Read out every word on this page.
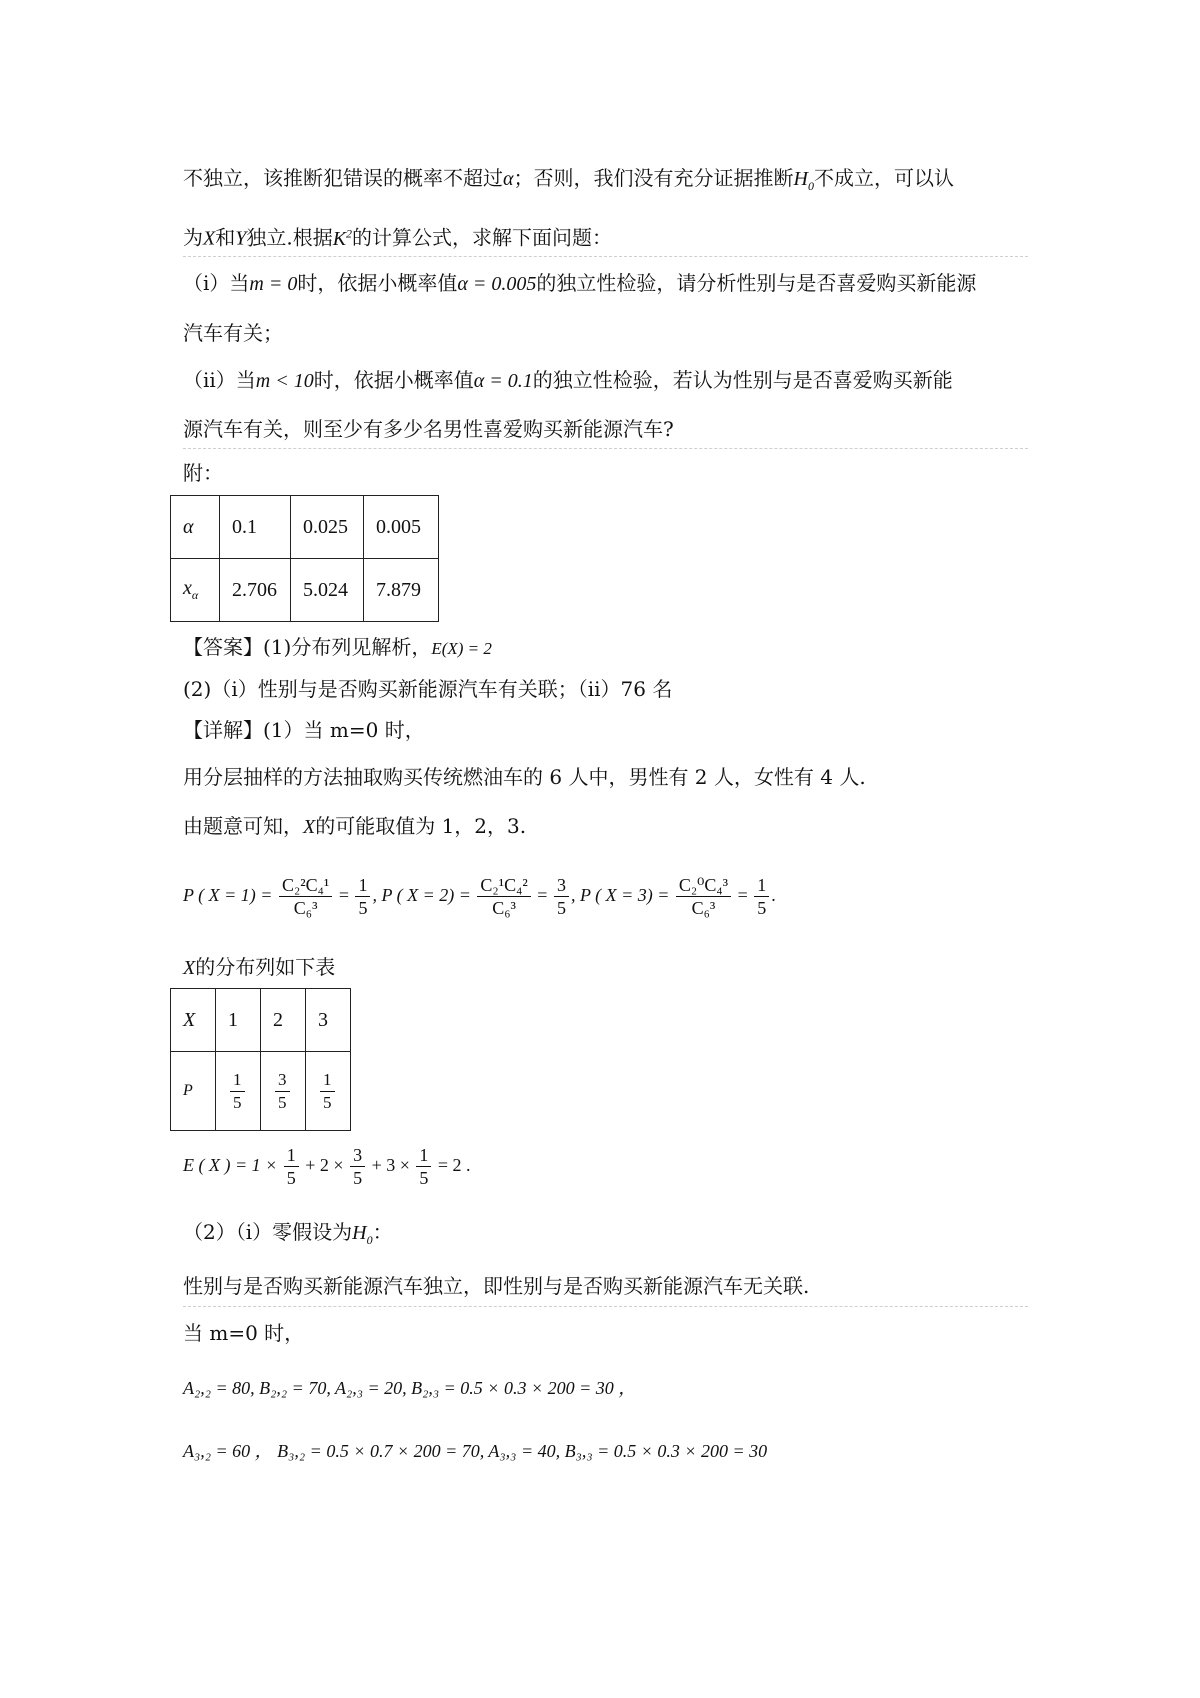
不独立，该推断犯错误的概率不超过α；否则，我们没有充分证据推断$H_0$不成立，可以认
为X和Y独立.根据$K^2$的计算公式，求解下面问题：
（i）当m = 0时，依据小概率值α = 0.005的独立性检验，请分析性别与是否喜爱购买新能源
汽车有关；
（ii）当m < 10时，依据小概率值α = 0.1的独立性检验，若认为性别与是否喜爱购买新能
源汽车有关，则至少有多少名男性喜爱购买新能源汽车?
附：
α	0.1	0.025	0.005
$x_\alpha$	2.706	5.024	7.879
【答案】(1)分布列见解析，E(X) = 2
(2)（i）性别与是否购买新能源汽车有关联；（ii）76 名
【详解】(1）当 m=0 时，
用分层抽样的方法抽取购买传统燃油车的 6 人中，男性有 2 人，女性有 4 人.
由题意可知，X的可能取值为 1，2，3.
P ( $X = 1) = \frac{\text{C₂²C₄¹}}{\text{C₆³}} = \frac{1}{5}$ , P ( $X = 2) = \frac{\text{C₂¹C₄²}}{\text{C₆³}} = \frac{3}{5}$ , P ( $X = 3) = \frac{\text{C₂⁰C₄³}}{\text{C₆³}} = \frac{1}{5}$ .
X的分布列如下表
X	1	2	3
P	$\frac{1}{5}$	$\frac{3}{5}$	$\frac{1}{5}$
E ( X ) = $1 \times \frac{1}{5} + 2 \times \frac{3}{5} + 3 \times \frac{1}{5} = 2$ .
（2）（i）零假设为$H_0$：
性别与是否购买新能源汽车独立，即性别与是否购买新能源汽车无关联.
当 m=0 时，
A₂,₂ = 80, B₂,₂ = 70, A₂,₃ = 20, B₂,₃ = 0.5 × 0.3 × 200 = 30 ，
A₃,₂ = 60 ， B₃,₂ = 0.5 × 0.7 × 200 = 70, A₃,₃ = 40, B₃,₃ = 0.5 × 0.3 × 200 = 30
